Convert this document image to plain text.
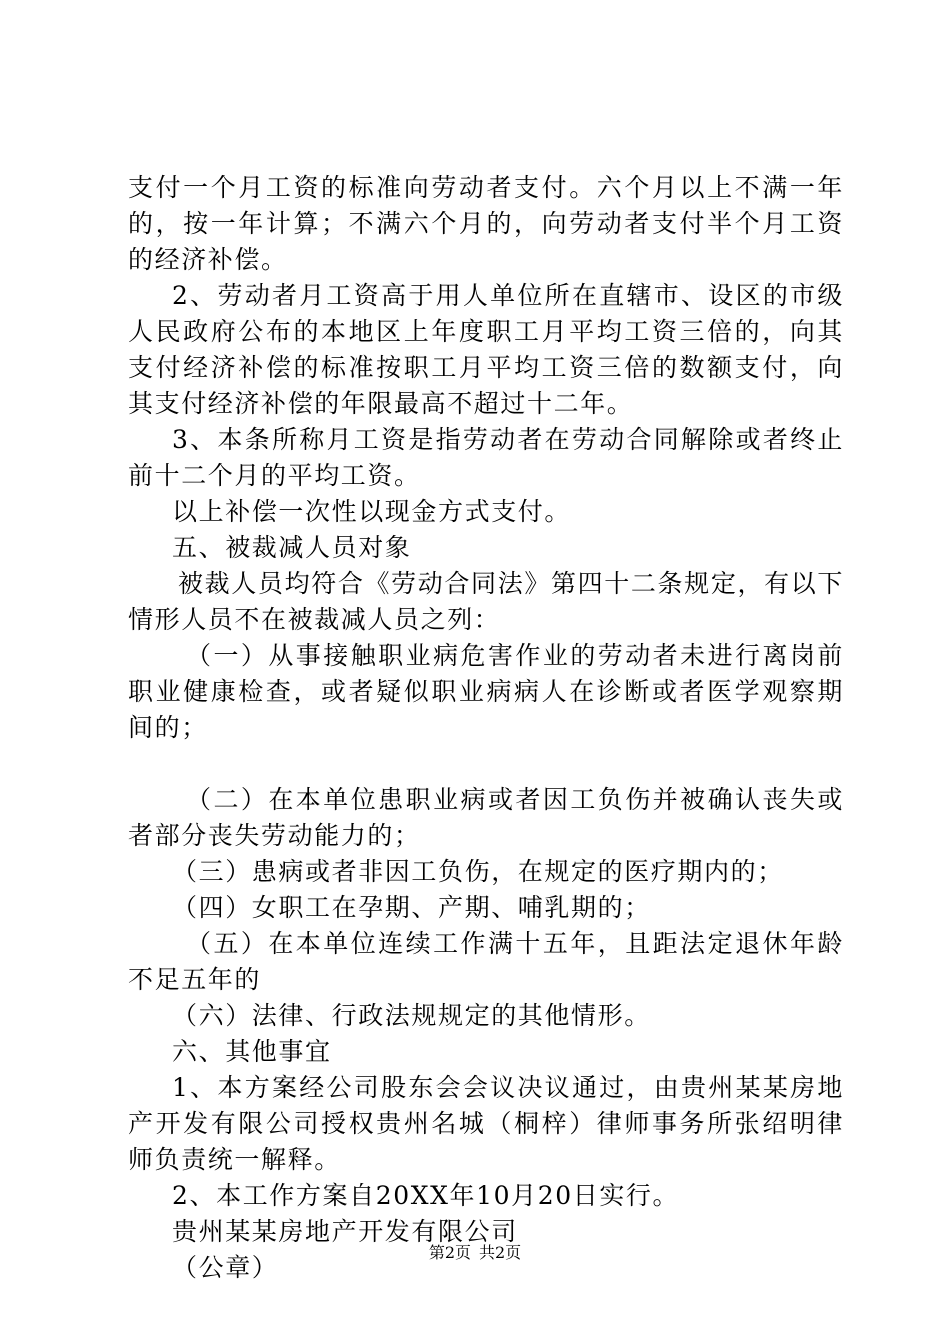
支付一个月工资的标准向劳动者支付。六个月以上不满一年的，按一年计算；不满六个月的，向劳动者支付半个月工资的经济补偿。

2、劳动者月工资高于用人单位所在直辖市、设区的市级人民政府公布的本地区上年度职工月平均工资三倍的，向其支付经济补偿的标准按职工月平均工资三倍的数额支付，向其支付经济补偿的年限最高不超过十二年。

3、本条所称月工资是指劳动者在劳动合同解除或者终止前十二个月的平均工资。

以上补偿一次性以现金方式支付。

五、被裁减人员对象

被裁人员均符合《劳动合同法》第四十二条规定，有以下情形人员不在被裁减人员之列：

（一）从事接触职业病危害作业的劳动者未进行离岗前职业健康检查，或者疑似职业病病人在诊断或者医学观察期间的；

（二）在本单位患职业病或者因工负伤并被确认丧失或者部分丧失劳动能力的；

（三）患病或者非因工负伤，在规定的医疗期内的；

（四）女职工在孕期、产期、哺乳期的；

（五）在本单位连续工作满十五年，且距法定退休年龄不足五年的

（六）法律、行政法规规定的其他情形。

六、其他事宜

1、本方案经公司股东会会议决议通过，由贵州某某房地产开发有限公司授权贵州名城（桐梓）律师事务所张绍明律师负责统一解释。

2、本工作方案自20XX年10月20日实行。

贵州某某房地产开发有限公司

（公章）

第2页 共2页
